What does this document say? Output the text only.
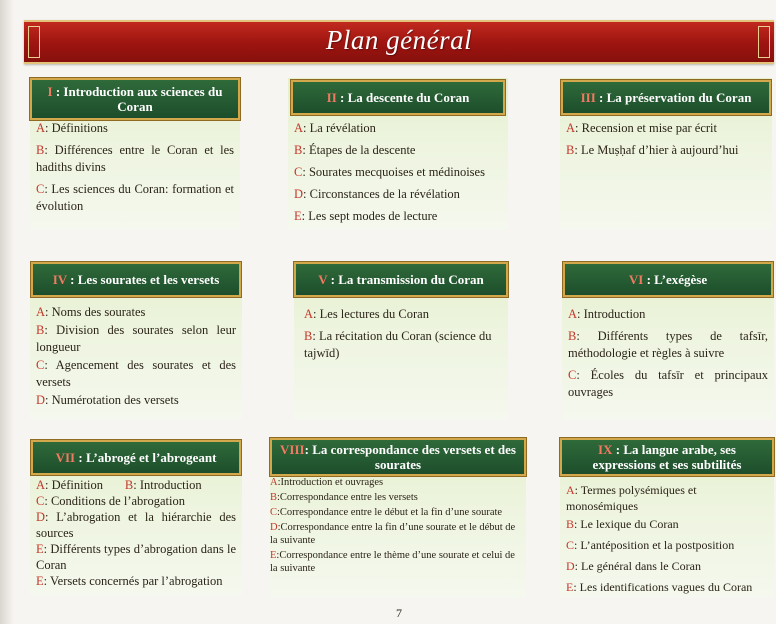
Plan général
I : Introduction aux sciences du Coran
A: Définitions
B: Différences entre le Coran et les hadiths divins
C: Les sciences du Coran: formation et évolution
II : La descente du Coran
A: La révélation
B: Étapes de la descente
C: Sourates mecquoises et médinoises
D: Circonstances de la révélation
E: Les sept modes de lecture
III : La préservation du Coran
A: Recension et mise par écrit
B: Le Muṣḥaf d’hier à aujourd’hui
IV : Les sourates et les versets
A: Noms des sourates
B: Division des sourates selon leur longueur
C: Agencement des sourates et des versets
D: Numérotation des versets
V : La transmission du Coran
A: Les lectures du Coran
B: La récitation du Coran (science du tajwīd)
VI : L’exégèse
A: Introduction
B: Différents types de tafsīr, méthodologie et règles à suivre
C: Écoles du tafsīr et principaux ouvrages
VII : L’abrogé et l’abrogeant
A: Définition B: Introduction
C: Conditions de l’abrogation
D: L’abrogation et la hiérarchie des sources
E: Différents types d’abrogation dans le Coran
E: Versets concernés par l’abrogation
VIII: La correspondance des versets et des sourates
A:Introduction et ouvrages
B:Correspondance entre les versets
C:Correspondance entre le début et la fin d’une sourate
D:Correspondance entre la fin d’une sourate et le début de la suivante
E:Correspondance entre le thème d’une sourate et celui de la suivante
IX : La langue arabe, ses expressions et ses subtilités
A: Termes polysémiques et monosémiques
B: Le lexique du Coran
C: L’antéposition et la postposition
D: Le général dans le Coran
E: Les identifications vagues du Coran
7
